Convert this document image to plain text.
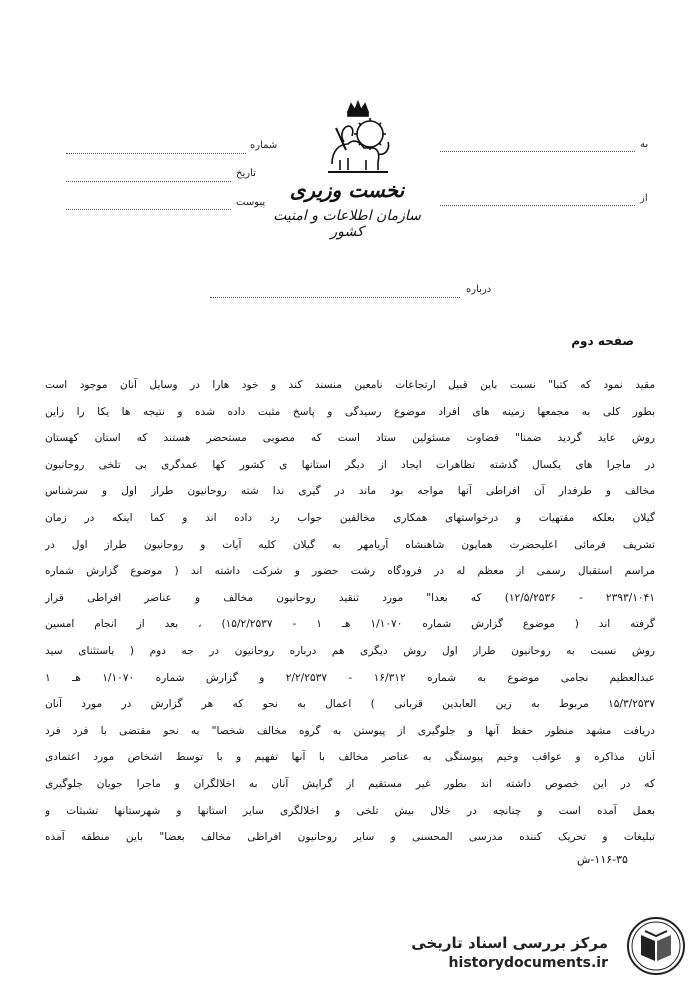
نخست وزیری
سازمان اطلاعات و امنیت کشور
شماره
تاریخ
پیوست
به
از
درباره
صفحه دوم
مقید نمود که کتبا" نسبت باین قبیل ارتجاعات نامعین منسند کند و خود هارا در وسایل آنان موجود است
بطور کلی به مجمعها زمینه های افراد موضوع رسیدگی و پاسخ مثبت داده شده و نتیجه ها یکا را زاین
روش عاید گردید ضمنا" قضاوت مسئولین ستاد است که مصوبی مستحضر هستند که استان کهستان
در ماجرا های یکسال گذشته تظاهرات ایجاد از دیگر استانها ی کشور کها عمدگری بی تلخی روحانیون
مخالف و طرفدار آن افراطی آنها مواجه بود ماند در گیری ندا شته روحانیون طراز اول و سرشناس
گیلان بعلکه مقتهیات و درخواستهای همکاری مخالفین جواب رد داده اند و کما اینکه در زمان
تشریف فرمائی اعلیحضرت همایون شاهنشاه آریامهر به گیلان کلیه آیات و روحانیون طراز اول در
مراسم استقبال رسمی از معظم له در فرودگاه رشت حضور و شرکت داشته اند ( موضوع گزارش شماره
۲۳۹۳/۱۰۴۱ - ۱۲/۵/۲۵۳۶) که بعدا" مورد تنقید روحانیون مخالف و عناصر افراطی قرار
گرفته اند ( موضوع گزارش شماره ۱/۱۰۷۰ هـ ۱ - ۱۵/۲/۲۵۳۷) ، بعد از انجام امسین
روش نسبت به روحانیون طراز اول روش دیگری هم درباره روحانیون در جه دوم ( باستثنای سید
عبدالعظیم نجامی موضوع به شماره ۱۶/۳۱۲ - ۲/۲/۲۵۳۷ و گزارش شماره ۱/۱۰۷۰ هـ ۱
۱۵/۳/۲۵۳۷ مربوط به زین العابدین قربانی ) اعمال به نحو که هر گزارش در مورد آنان
دریافت مشهد منظور حفظ آنها و جلوگیری از پیوستن به گروه مخالف شخصا" به نحو مقتضی با فرد فرد
آنان مذاکره و عواقب وخیم پیوستگی به عناصر مخالف با آنها تفهیم و با توسط اشخاص مورد اعتمادی
که در این خصوص داشته اند بطور غیر مستقیم از گرایش آنان به اخلالگران و ماجرا جویان جلوگیری
بعمل آمده است و چنانچه در خلال بیش تلخی و اخلالگری سایر استانها و شهرستانها تشبثات و
تبلیغات و تحریک کننده مدرسی المحسنی و سایر روحانیون افراطی مخالف بعضا" باین منطقه آمده
۱۱۶-۳۵-ش
مرکز بررسی اسناد تاریخی
historydocuments.ir
